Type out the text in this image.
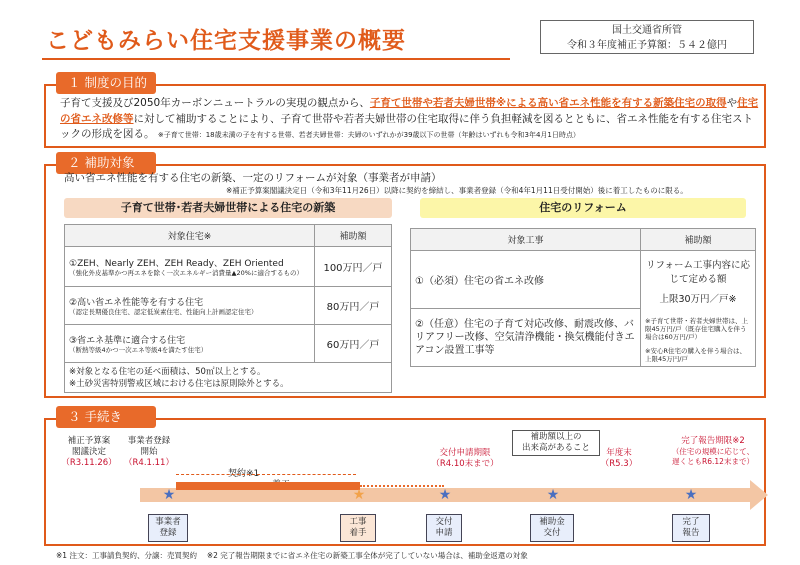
こどもみらい住宅支援事業の概要	国土交通省所管
令和３年度補正予算額：５４２億円
１ 制度の目的
子育て支援及び2050年カーボンニュートラルの実現の観点から、子育て世帯や若者夫婦世帯※による高い省エネ性能を有する新築住宅の取得や住宅の省エネ改修等に対して補助することにより、子育て世帯や若者夫婦世帯の住宅取得に伴う負担軽減を図るとともに、省エネ性能を有する住宅ストックの形成を図る。 ※子育て世帯：18歳未満の子を有する世帯、若者夫婦世帯：夫婦のいずれかが39歳以下の世帯（年齢はいずれも令和3年4月1日時点）
２ 補助対象
高い省エネ性能を有する住宅の新築、一定のリフォームが対象（事業者が申請）
※補正予算案閣議決定日（令和3年11月26日）以降に契約を締結し、事業者登録（令和4年1月11日受付開始）後に着工したものに限る。
子育て世帯･若者夫婦世帯による住宅の新築
対象住宅※	補助額
①ZEH、Nearly ZEH、ZEH Ready、ZEH Oriented
（強化外皮基準かつ再エネを除く一次エネルギー消費量▲20%に適合するもの）	100万円／戸
②高い省エネ性能等を有する住宅
（認定長期優良住宅、認定低炭素住宅、性能向上計画認定住宅）	80万円／戸
③省エネ基準に適合する住宅
（断熱等級4かつ一次エネ等級4を満たす住宅）	60万円／戸

※対象となる住宅の延べ面積は、50㎡以上とする。
※土砂災害特別警戒区域における住宅は原則除外とする。	
住宅のリフォーム
対象工事	補助額
①（必須）住宅の省エネ改修	リフォーム工事内容に応じて定める額
上限30万円／戸※
※子育て世帯・若者夫婦世帯は、上限45万円/戸（既存住宅購入を伴う場合は60万円/戸）
※安心R住宅の購入を伴う場合は、上限45万円/戸

②（任意）住宅の子育て対応改修、耐震改修、バリアフリー改修、空気清浄機能・換気機能付きエアコン設置工事等	
３ 手続き
補正予算案
閣議決定
（R3.11.26）
事業者登録
開始
（R4.1.11）
交付申請期限
（R4.10末まで）
年度末
（R5.3）
完了報告期限※2
（住宅の規模に応じて、
遅くともR6.12末まで）
補助額以上の
出来高があること
契約※1
★	★	★	★	★
事業者
登録
工事
着手
交付
申請
補助金
交付
完了
報告
※1 注文：工事請負契約、分譲：売買契約　 ※2 完了報告期限までに省エネ住宅の新築工事全体が完了していない場合は、補助金返還の対象
